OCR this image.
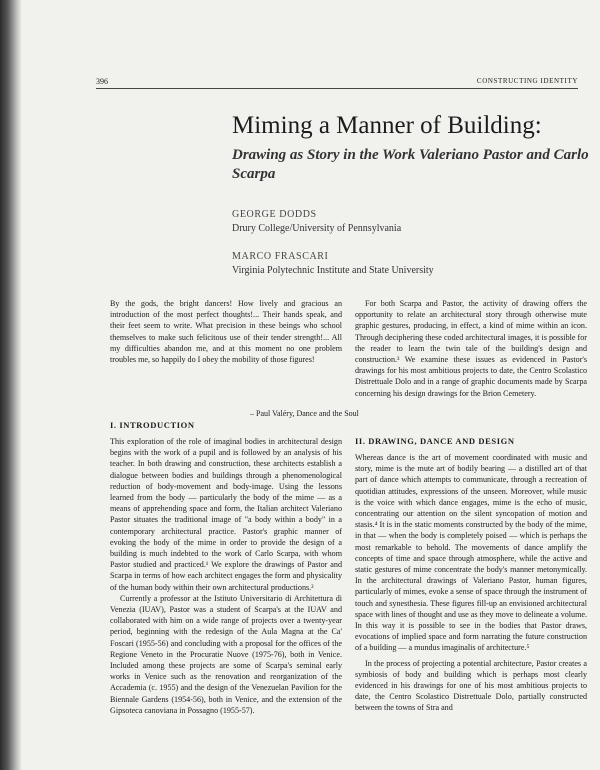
396	CONSTRUCTING IDENTITY
Miming a Manner of Building:
Drawing as Story in the Work Valeriano Pastor and Carlo Scarpa
GEORGE DODDS
Drury College/University of Pennsylvania
MARCO FRASCARI
Virginia Polytechnic Institute and State University

By the gods, the bright dancers! How lively and gracious an introduction of the most perfect thoughts!... Their hands speak, and their feet seem to write. What precision in these beings who school themselves to make such felicitous use of their tender strength!... All my difficulties abandon me, and at this moment no one problem troubles me, so happily do I obey the mobility of those figures!

– Paul Valéry, Dance and the Soul
I. INTRODUCTION

This exploration of the role of imaginal bodies in architectural design begins with the work of a pupil and is followed by an analysis of his teacher. In both drawing and construction, these architects establish a dialogue between bodies and buildings through a phenomenological reduction of body-movement and body-image. Using the lessons learned from the body — particularly the body of the mime — as a means of apprehending space and form, the Italian architect Valeriano Pastor situates the traditional image of "a body within a body" in a contemporary architectural practice. Pastor's graphic manner of evoking the body of the mime in order to provide the design of a building is much indebted to the work of Carlo Scarpa, with whom Pastor studied and practiced.¹ We explore the drawings of Pastor and Scarpa in terms of how each architect engages the form and physicality of the human body within their own architectural productions.²

Currently a professor at the Istituto Universitario di Architettura di Venezia (IUAV), Pastor was a student of Scarpa's at the IUAV and collaborated with him on a wide range of projects over a twenty-year period, beginning with the redesign of the Aula Magna at the Ca' Foscari (1955-56) and concluding with a proposal for the offices of the Regione Veneto in the Procuratie Nuove (1975-76), both in Venice. Included among these projects are some of Scarpa's seminal early works in Venice such as the renovation and reorganization of the Accademia (c. 1955) and the design of the Venezuelan Pavilion for the Biennale Gardens (1954-56), both in Venice, and the extension of the Gipsoteca canoviana in Possagno (1955-57).

For both Scarpa and Pastor, the activity of drawing offers the opportunity to relate an architectural story through otherwise mute graphic gestures, producing, in effect, a kind of mime within an icon. Through deciphering these coded architectural images, it is possible for the reader to learn the twin tale of the building's design and construction.³ We examine these issues as evidenced in Pastor's drawings for his most ambitious projects to date, the Centro Scolastico Distrettuale Dolo and in a range of graphic documents made by Scarpa concerning his design drawings for the Brion Cemetery.

II. DRAWING, DANCE AND DESIGN

Whereas dance is the art of movement coordinated with music and story, mime is the mute art of bodily bearing — a distilled art of that part of dance which attempts to communicate, through a recreation of quotidian attitudes, expressions of the unseen. Moreover, while music is the voice with which dance engages, mime is the echo of music, concentrating our attention on the silent syncopation of motion and stasis.⁴ It is in the static moments constructed by the body of the mime, in that — when the body is completely poised — which is perhaps the most remarkable to behold. The movements of dance amplify the concepts of time and space through atmosphere, while the active and static gestures of mime concentrate the body's manner metonymically. In the architectural drawings of Valeriano Pastor, human figures, particularly of mimes, evoke a sense of space through the instrument of touch and synesthesia. These figures fill-up an envisioned architectural space with lines of thought and use as they move to delineate a volume. In this way it is possible to see in the bodies that Pastor draws, evocations of implied space and form narrating the future construction of a building — a mundus imaginalis of architecture.⁵

In the process of projecting a potential architecture, Pastor creates a symbiosis of body and building which is perhaps most clearly evidenced in his drawings for one of his most ambitious projects to date, the Centro Scolastico Distrettuale Dolo, partially constructed between the towns of Stra and
